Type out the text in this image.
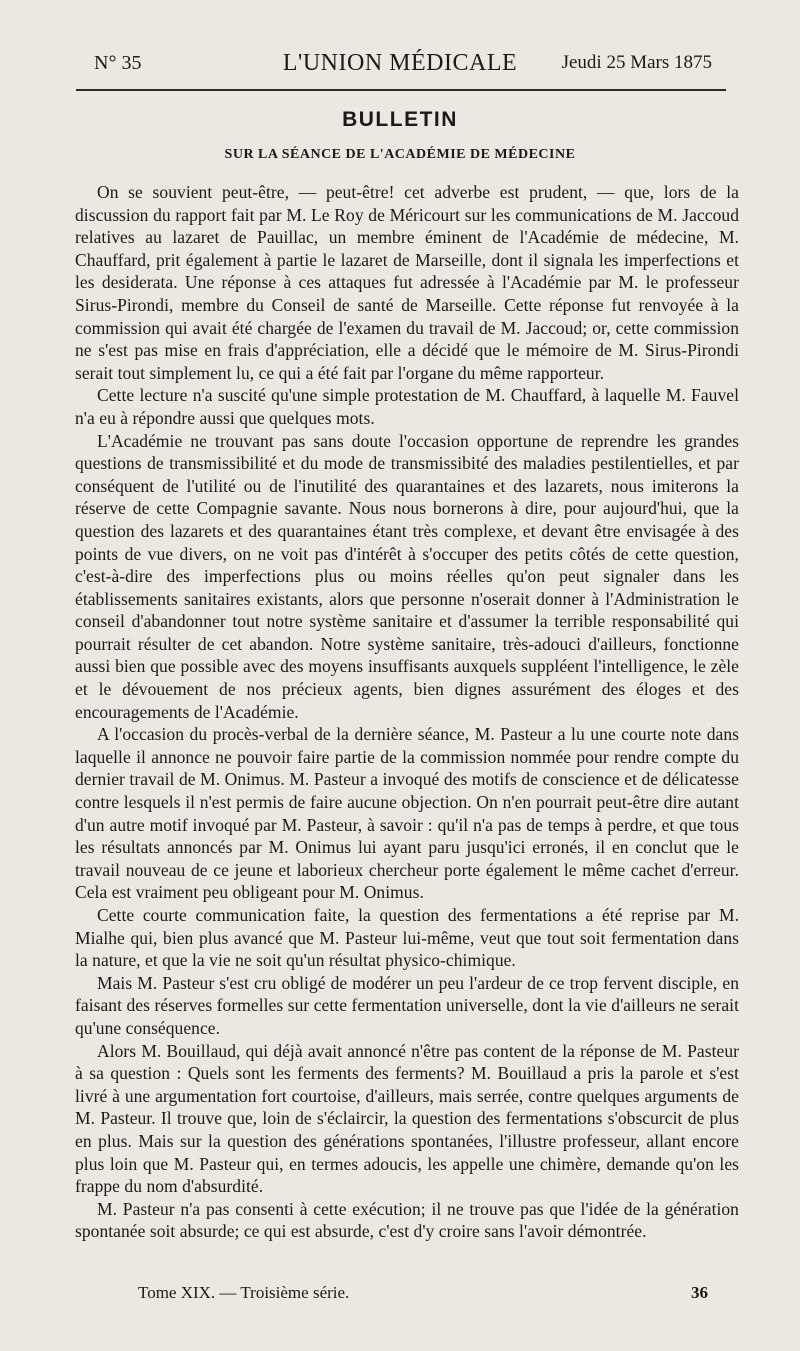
N° 35	L'UNION MÉDICALE	Jeudi 25 Mars 1875
BULLETIN
SUR LA SÉANCE DE L'ACADÉMIE DE MÉDECINE

On se souvient peut-être, — peut-être! cet adverbe est prudent, — que, lors de la discussion du rapport fait par M. Le Roy de Méricourt sur les communications de M. Jaccoud relatives au lazaret de Pauillac, un membre éminent de l'Académie de médecine, M. Chauffard, prit également à partie le lazaret de Marseille, dont il signala les imperfections et les desiderata. Une réponse à ces attaques fut adressée à l'Académie par M. le professeur Sirus-Pirondi, membre du Conseil de santé de Marseille. Cette réponse fut renvoyée à la commission qui avait été chargée de l'examen du travail de M. Jaccoud; or, cette commission ne s'est pas mise en frais d'appréciation, elle a décidé que le mémoire de M. Sirus-Pirondi serait tout simplement lu, ce qui a été fait par l'organe du même rapporteur.

Cette lecture n'a suscité qu'une simple protestation de M. Chauffard, à laquelle M. Fauvel n'a eu à répondre aussi que quelques mots.

L'Académie ne trouvant pas sans doute l'occasion opportune de reprendre les grandes questions de transmissibilité et du mode de transmissibité des maladies pestilentielles, et par conséquent de l'utilité ou de l'inutilité des quarantaines et des lazarets, nous imiterons la réserve de cette Compagnie savante. Nous nous bornerons à dire, pour aujourd'hui, que la question des lazarets et des quarantaines étant très complexe, et devant être envisagée à des points de vue divers, on ne voit pas d'intérêt à s'occuper des petits côtés de cette question, c'est-à-dire des imperfections plus ou moins réelles qu'on peut signaler dans les établissements sanitaires existants, alors que personne n'oserait donner à l'Administration le conseil d'abandonner tout notre système sanitaire et d'assumer la terrible responsabilité qui pourrait résulter de cet abandon. Notre système sanitaire, très-adouci d'ailleurs, fonctionne aussi bien que possible avec des moyens insuffisants auxquels suppléent l'intelligence, le zèle et le dévouement de nos précieux agents, bien dignes assurément des éloges et des encouragements de l'Académie.

A l'occasion du procès-verbal de la dernière séance, M. Pasteur a lu une courte note dans laquelle il annonce ne pouvoir faire partie de la commission nommée pour rendre compte du dernier travail de M. Onimus. M. Pasteur a invoqué des motifs de conscience et de délicatesse contre lesquels il n'est permis de faire aucune objection. On n'en pourrait peut-être dire autant d'un autre motif invoqué par M. Pasteur, à savoir : qu'il n'a pas de temps à perdre, et que tous les résultats annoncés par M. Onimus lui ayant paru jusqu'ici erronés, il en conclut que le travail nouveau de ce jeune et laborieux chercheur porte également le même cachet d'erreur. Cela est vraiment peu obligeant pour M. Onimus.

Cette courte communication faite, la question des fermentations a été reprise par M. Mialhe qui, bien plus avancé que M. Pasteur lui-même, veut que tout soit fermentation dans la nature, et que la vie ne soit qu'un résultat physico-chimique.

Mais M. Pasteur s'est cru obligé de modérer un peu l'ardeur de ce trop fervent disciple, en faisant des réserves formelles sur cette fermentation universelle, dont la vie d'ailleurs ne serait qu'une conséquence.

Alors M. Bouillaud, qui déjà avait annoncé n'être pas content de la réponse de M. Pasteur à sa question : Quels sont les ferments des ferments? M. Bouillaud a pris la parole et s'est livré à une argumentation fort courtoise, d'ailleurs, mais serrée, contre quelques arguments de M. Pasteur. Il trouve que, loin de s'éclaircir, la question des fermentations s'obscurcit de plus en plus. Mais sur la question des générations spontanées, l'illustre professeur, allant encore plus loin que M. Pasteur qui, en termes adoucis, les appelle une chimère, demande qu'on les frappe du nom d'absurdité.

M. Pasteur n'a pas consenti à cette exécution; il ne trouve pas que l'idée de la génération spontanée soit absurde; ce qui est absurde, c'est d'y croire sans l'avoir démontrée.

Tome XIX. — Troisième série.	36
